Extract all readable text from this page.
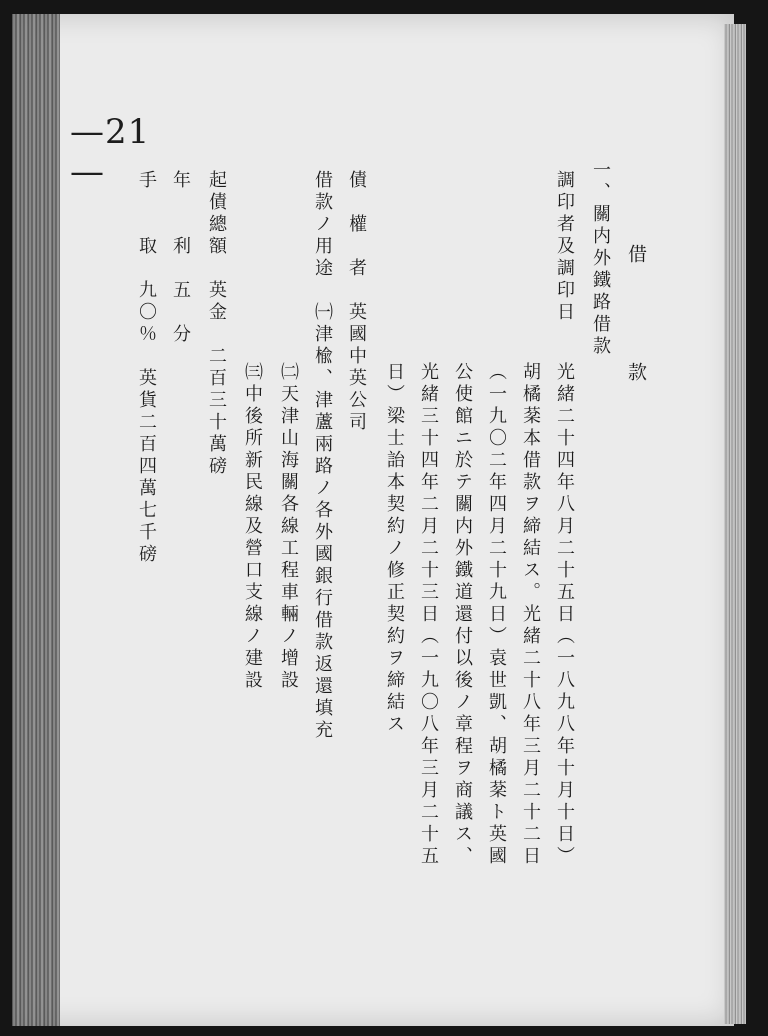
—21—
借
款
一、關内外鐵路借款
調印者及調印日
光緒二十四年八月二十五日（一八九八年十月十日）
胡橘棻本借款ヲ締結ス。光緒二十八年三月二十二日
（一九〇二年四月二十九日）袁世凱、胡橘棻ト英國
公使館ニ於テ關内外鐵道還付以後ノ章程ヲ商議ス、
光緒三十四年二月二十三日（一九〇八年三月二十五
日）梁士詒本契約ノ修正契約ヲ締結ス
債　權　者　英國中英公司
借款ノ用途　㈠津楡、津蘆兩路ノ各外國銀行借款返還填充
㈡天津山海關各線工程車輛ノ增設
㈢中後所新民線及營口支線ノ建設
起債總額　英金　二百三十萬磅
年　　利　五　分
手　　取　九〇％　英貨二百四萬七千磅
